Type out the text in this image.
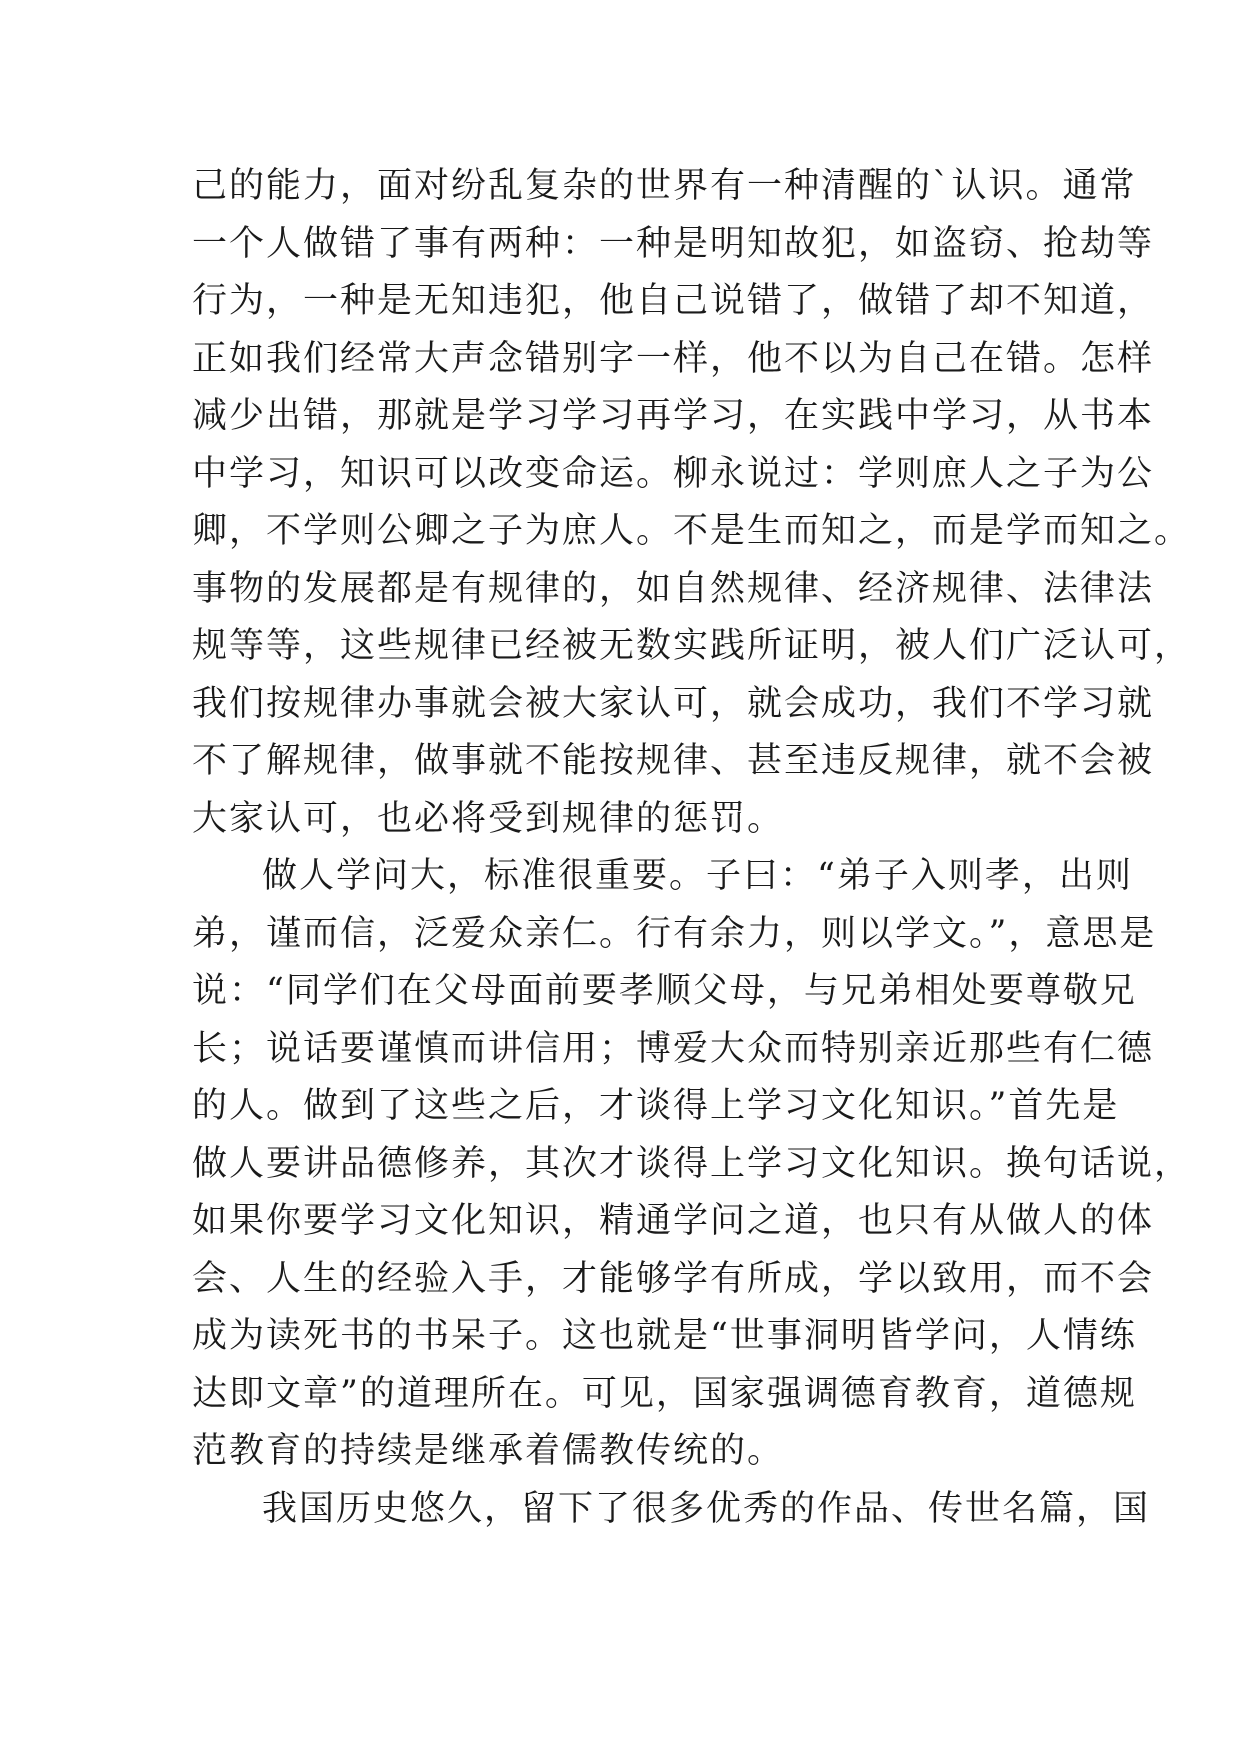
己的能力，面对纷乱复杂的世界有一种清醒的`认识。通常
一个人做错了事有两种：一种是明知故犯，如盗窃、抢劫等
行为，一种是无知违犯，他自己说错了，做错了却不知道，
正如我们经常大声念错别字一样，他不以为自己在错。怎样
减少出错，那就是学习学习再学习，在实践中学习，从书本
中学习，知识可以改变命运。柳永说过：学则庶人之子为公
卿，不学则公卿之子为庶人。不是生而知之，而是学而知之。
事物的发展都是有规律的，如自然规律、经济规律、法律法
规等等，这些规律已经被无数实践所证明，被人们广泛认可，
我们按规律办事就会被大家认可，就会成功，我们不学习就
不了解规律，做事就不能按规律、甚至违反规律，就不会被
大家认可，也必将受到规律的惩罚。
做人学问大，标准很重要。子曰：“弟子入则孝，出则
弟，谨而信，泛爱众亲仁。行有余力，则以学文。”，意思是
说：“同学们在父母面前要孝顺父母，与兄弟相处要尊敬兄
长；说话要谨慎而讲信用；博爱大众而特别亲近那些有仁德
的人。做到了这些之后，才谈得上学习文化知识。”首先是
做人要讲品德修养，其次才谈得上学习文化知识。换句话说，
如果你要学习文化知识，精通学问之道，也只有从做人的体
会、人生的经验入手，才能够学有所成，学以致用，而不会
成为读死书的书呆子。这也就是“世事洞明皆学问，人情练
达即文章”的道理所在。可见，国家强调德育教育，道德规
范教育的持续是继承着儒教传统的。
我国历史悠久，留下了很多优秀的作品、传世名篇，国
